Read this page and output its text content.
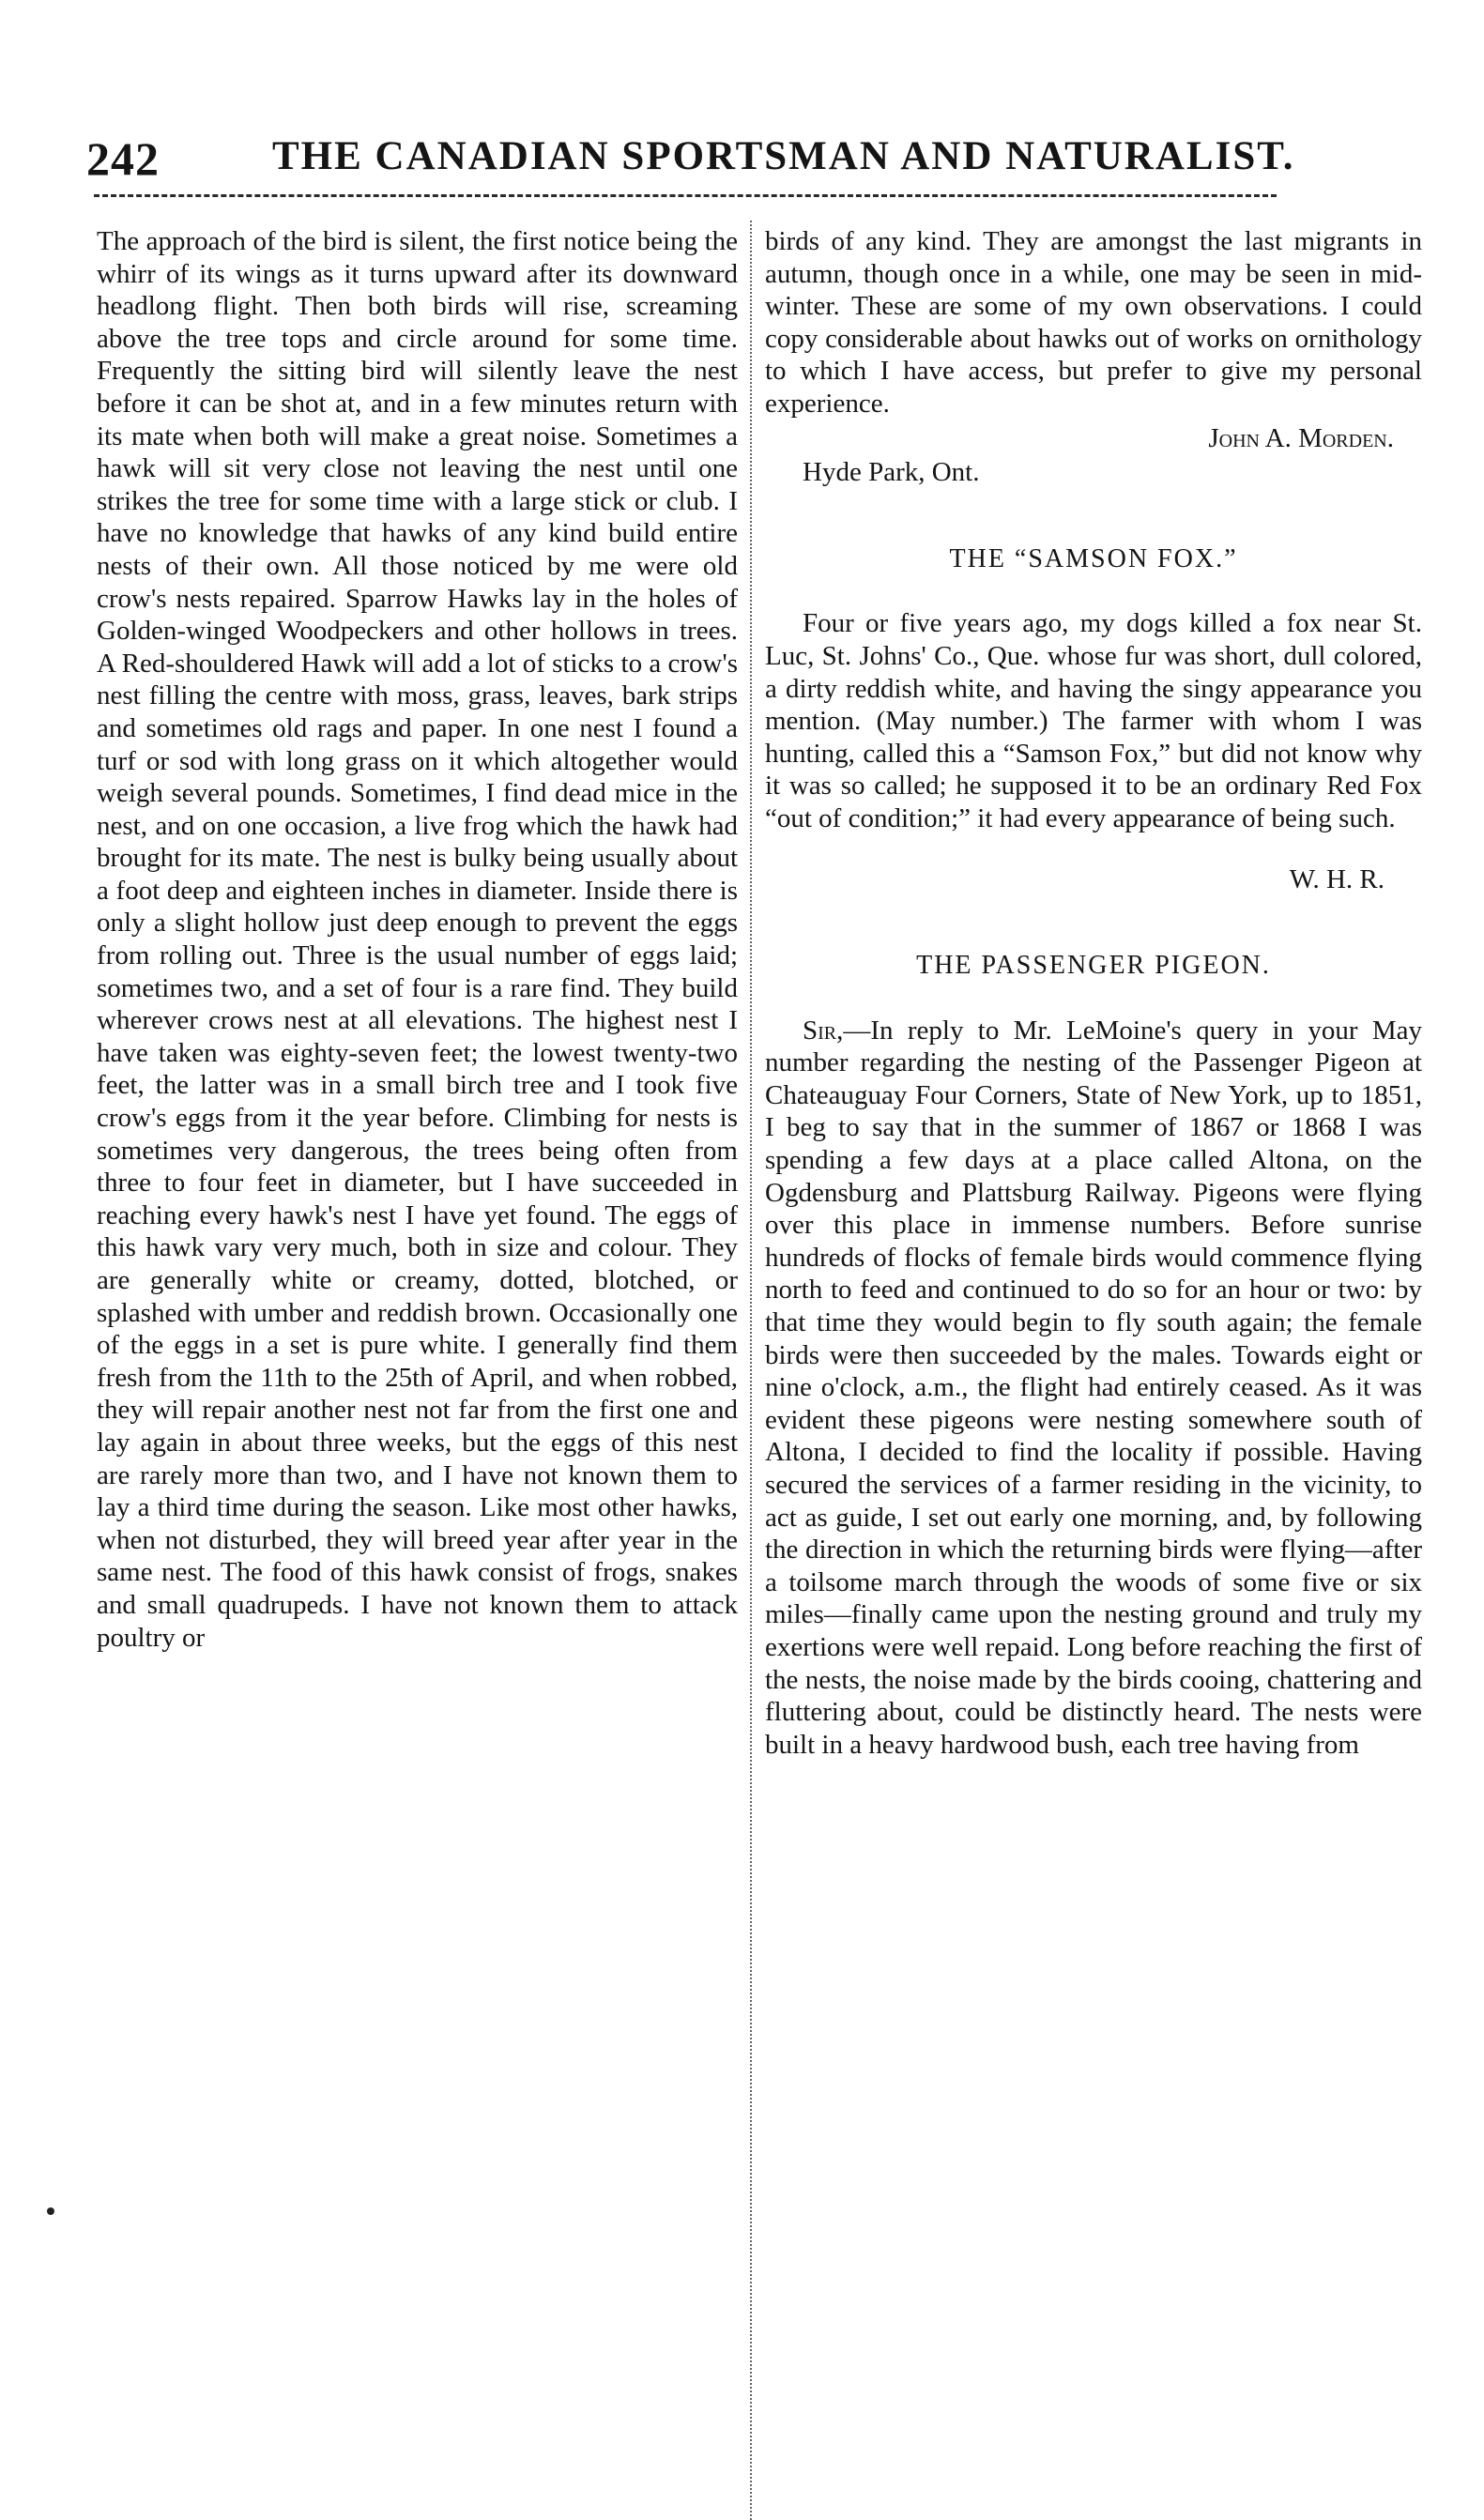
242	THE CANADIAN SPORTSMAN AND NATURALIST.

The approach of the bird is silent, the first notice being the whirr of its wings as it turns upward after its downward headlong flight. Then both birds will rise, screaming above the tree tops and circle around for some time. Frequently the sitting bird will silently leave the nest before it can be shot at, and in a few minutes return with its mate when both will make a great noise. Sometimes a hawk will sit very close not leaving the nest until one strikes the tree for some time with a large stick or club. I have no knowledge that hawks of any kind build entire nests of their own. All those noticed by me were old crow's nests repaired. Sparrow Hawks lay in the holes of Golden-winged Woodpeckers and other hollows in trees. A Red-shouldered Hawk will add a lot of sticks to a crow's nest filling the centre with moss, grass, leaves, bark strips and sometimes old rags and paper. In one nest I found a turf or sod with long grass on it which altogether would weigh several pounds. Sometimes, I find dead mice in the nest, and on one occasion, a live frog which the hawk had brought for its mate. The nest is bulky being usually about a foot deep and eighteen inches in diameter. Inside there is only a slight hollow just deep enough to prevent the eggs from rolling out. Three is the usual number of eggs laid; sometimes two, and a set of four is a rare find. They build wherever crows nest at all elevations. The highest nest I have taken was eighty-seven feet; the lowest twenty-two feet, the latter was in a small birch tree and I took five crow's eggs from it the year before. Climbing for nests is sometimes very dangerous, the trees being often from three to four feet in diameter, but I have succeeded in reaching every hawk's nest I have yet found. The eggs of this hawk vary very much, both in size and colour. They are generally white or creamy, dotted, blotched, or splashed with umber and reddish brown. Occasionally one of the eggs in a set is pure white. I generally find them fresh from the 11th to the 25th of April, and when robbed, they will repair another nest not far from the first one and lay again in about three weeks, but the eggs of this nest are rarely more than two, and I have not known them to lay a third time during the season. Like most other hawks, when not disturbed, they will breed year after year in the same nest. The food of this hawk consist of frogs, snakes and small quadrupeds. I have not known them to attack poultry or

birds of any kind. They are amongst the last migrants in autumn, though once in a while, one may be seen in mid-winter. These are some of my own observations. I could copy considerable about hawks out of works on ornithology to which I have access, but prefer to give my personal experience.

John A. Morden.

Hyde Park, Ont.

THE “SAMSON FOX.”

Four or five years ago, my dogs killed a fox near St. Luc, St. Johns' Co., Que. whose fur was short, dull colored, a dirty reddish white, and having the singy appearance you mention. (May number.) The farmer with whom I was hunting, called this a “Samson Fox,” but did not know why it was so called; he supposed it to be an ordinary Red Fox “out of condition;” it had every appearance of being such.

W. H. R.

THE PASSENGER PIGEON.

Sir,—In reply to Mr. LeMoine's query in your May number regarding the nesting of the Passenger Pigeon at Chateauguay Four Corners, State of New York, up to 1851, I beg to say that in the summer of 1867 or 1868 I was spending a few days at a place called Altona, on the Ogdensburg and Plattsburg Railway. Pigeons were flying over this place in immense numbers. Before sunrise hundreds of flocks of female birds would commence flying north to feed and continued to do so for an hour or two: by that time they would begin to fly south again; the female birds were then succeeded by the males. Towards eight or nine o'clock, a.m., the flight had entirely ceased. As it was evident these pigeons were nesting somewhere south of Altona, I decided to find the locality if possible. Having secured the services of a farmer residing in the vicinity, to act as guide, I set out early one morning, and, by following the direction in which the returning birds were flying—after a toilsome march through the woods of some five or six miles—finally came upon the nesting ground and truly my exertions were well repaid. Long before reaching the first of the nests, the noise made by the birds cooing, chattering and fluttering about, could be distinctly heard. The nests were built in a heavy hardwood bush, each tree having from
